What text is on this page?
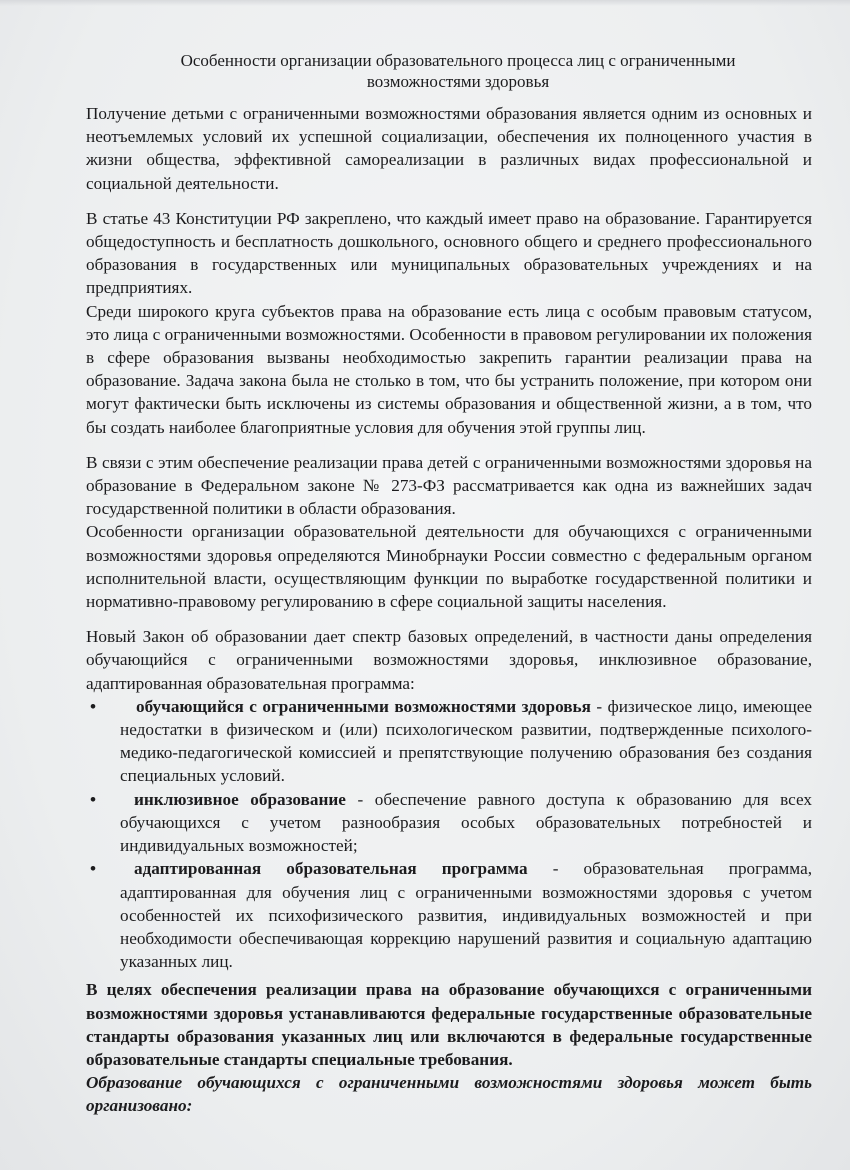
Особенности организации образовательного процесса лиц с ограниченными
возможностями здоровья

Получение детьми с ограниченными возможностями образования является одним из основных и неотъемлемых условий их успешной социализации, обеспечения их полноценного участия в жизни общества, эффективной самореализации в различных видах профессиональной и социальной деятельности.

В статье 43 Конституции РФ закреплено, что каждый имеет право на образование. Гарантируется общедоступность и бесплатность дошкольного, основного общего и среднего профессионального образования в государственных или муниципальных образовательных учреждениях и на предприятиях.

Среди широкого круга субъектов права на образование есть лица с особым правовым статусом, это лица с ограниченными возможностями. Особенности в правовом регулировании их положения в сфере образования вызваны необходимостью закрепить гарантии реализации права на образование. Задача закона была не столько в том, что бы устранить положение, при котором они могут фактически быть исключены из системы образования и общественной жизни, а в том, что бы создать наиболее благоприятные условия для обучения этой группы лиц.

В связи с этим обеспечение реализации права детей с ограниченными возможностями здоровья на образование в Федеральном законе № 273-ФЗ рассматривается как одна из важнейших задач государственной политики в области образования.

Особенности организации образовательной деятельности для обучающихся с ограниченными возможностями здоровья определяются Минобрнауки России совместно с федеральным органом исполнительной власти, осуществляющим функции по выработке государственной политики и нормативно-правовому регулированию в сфере социальной защиты населения.

Новый Закон об образовании дает спектр базовых определений, в частности даны определения обучающийся с ограниченными возможностями здоровья, инклюзивное образование, адаптированная образовательная программа:

• обучающийся с ограниченными возможностями здоровья - физическое лицо, имеющее недостатки в физическом и (или) психологическом развитии, подтвержденные психолого-медико-педагогической комиссией и препятствующие получению образования без создания специальных условий.
• инклюзивное образование - обеспечение равного доступа к образованию для всех обучающихся с учетом разнообразия особых образовательных потребностей и индивидуальных возможностей;
• адаптированная образовательная программа - образовательная программа, адаптированная для обучения лиц с ограниченными возможностями здоровья с учетом особенностей их психофизического развития, индивидуальных возможностей и при необходимости обеспечивающая коррекцию нарушений развития и социальную адаптацию указанных лиц.

В целях обеспечения реализации права на образование обучающихся с ограниченными возможностями здоровья устанавливаются федеральные государственные образовательные стандарты образования указанных лиц или включаются в федеральные государственные образовательные стандарты специальные требования.

Образование обучающихся с ограниченными возможностями здоровья может быть организовано:
